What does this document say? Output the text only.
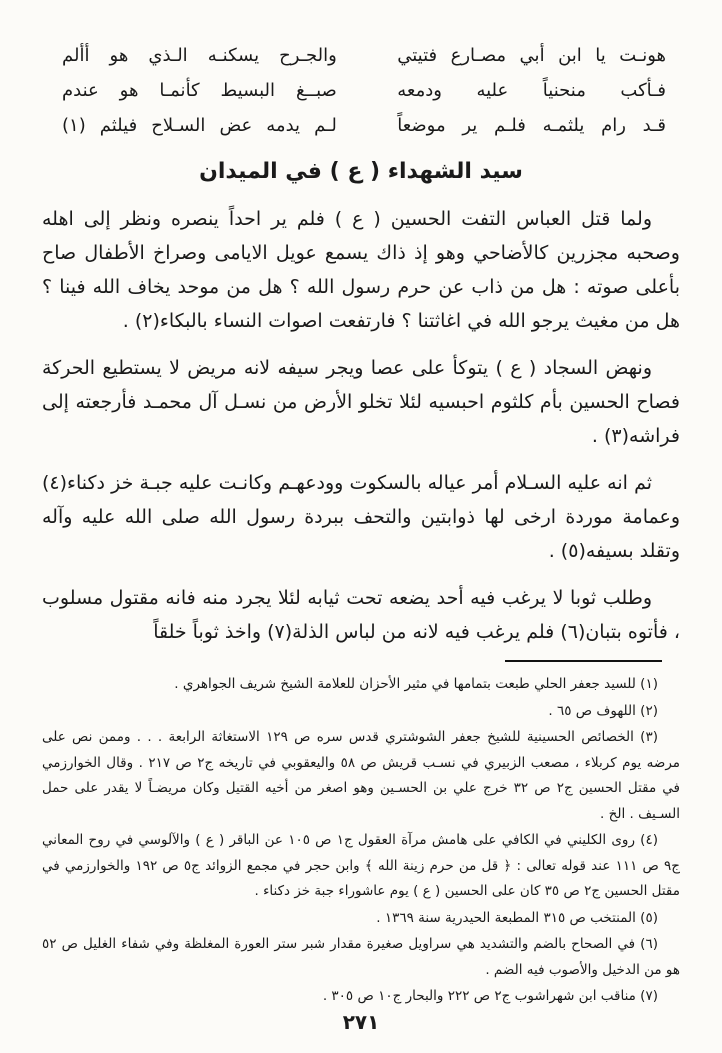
هونـت يا ابن أبي مصـارع فتيتي
والجـرح يسكنـه الـذي هو أألم
فـأكب منحنياً عليه ودمعه
صبــغ البسيط كأنمـا هو عندم
قـد رام يلثمـه فلـم ير موضعاً
لـم يدمه عض السـلاح فيلثم (١)
سيد الشهداء ( ع ) في الميدان

ولما قتل العباس التفت الحسين ( ع ) فلم ير احداً ينصره ونظر إلى اهله وصحبه مجزرين كالأضاحي وهو إذ ذاك يسمع عويل الايامى وصراخ الأطفال صاح بأعلى صوته : هل من ذاب عن حرم رسول الله ؟ هل من موحد يخاف الله فينا ؟ هل من مغيث يرجو الله في اغاثتنا ؟ فارتفعت اصوات النساء بالبكاء(٢) .

ونهض السجاد ( ع ) يتوكأ على عصا ويجر سيفه لانه مريض لا يستطيع الحركة فصاح الحسين بأم كلثوم احبسيه لئلا تخلو الأرض من نسـل آل محمـد فأرجعته إلى فراشه(٣) .

ثم انه عليه السـلام أمر عياله بالسكوت وودعهـم وكانـت عليه جبـة خز دكناء(٤) وعمامة موردة ارخى لها ذوابتين والتحف ببردة رسول الله صلى الله عليه وآله وتقلد بسيفه(٥) .

وطلب ثوبا لا يرغب فيه أحد يضعه تحت ثيابه لئلا يجرد منه فانه مقتول مسلوب ، فأتوه بتبان(٦) فلم يرغب فيه لانه من لباس الذلة(٧) واخذ ثوباً خلقاً

(١) للسيد جعفر الحلي طبعت بتمامها في مثير الأحزان للعلامة الشيخ شريف الجواهري .

(٢) اللهوف ص ٦٥ .

(٣) الخصائص الحسينية للشيخ جعفر الشوشتري قدس سره ص ١٢٩ الاستغاثة الرابعة . . . وممن نص على مرضه يوم كربلاء ، مصعب الزبيري في نسـب قريش ص ٥٨ واليعقوبي في تاريخه ج٢ ص ٢١٧ . وقال الخوارزمي في مقتل الحسين ج٢ ص ٣٢ خرج علي بن الحسـين وهو اصغر من أخيه القتيل وكان مريضـاً لا يقدر على حمل السـيف . الخ .

(٤) روى الكليني في الكافي على هامش مرآة العقول ج١ ص ١٠٥ عن الباقر ( ع ) والآلوسي في روح المعاني ج٩ ص ١١١ عند قوله تعالى : ﴿ قل من حرم زينة الله ﴾ وابن حجر في مجمع الزوائد ج٥ ص ١٩٢ والخوارزمي في مقتل الحسين ج٢ ص ٣٥ كان على الحسين ( ع ) يوم عاشوراء جبة خز دكناء .

(٥) المنتخب ص ٣١٥ المطبعة الحيدرية سنة ١٣٦٩ .

(٦) في الصحاح بالضم والتشديد هي سراويل صغيرة مقدار شبر ستر العورة المغلظة وفي شفاء الغليل ص ٥٢ هو من الدخيل والأصوب فيه الضم .

(٧) مناقب ابن شهراشوب ج٢ ص ٢٢٢ والبحار ج١٠ ص ٣٠٥ .

٢٧١
